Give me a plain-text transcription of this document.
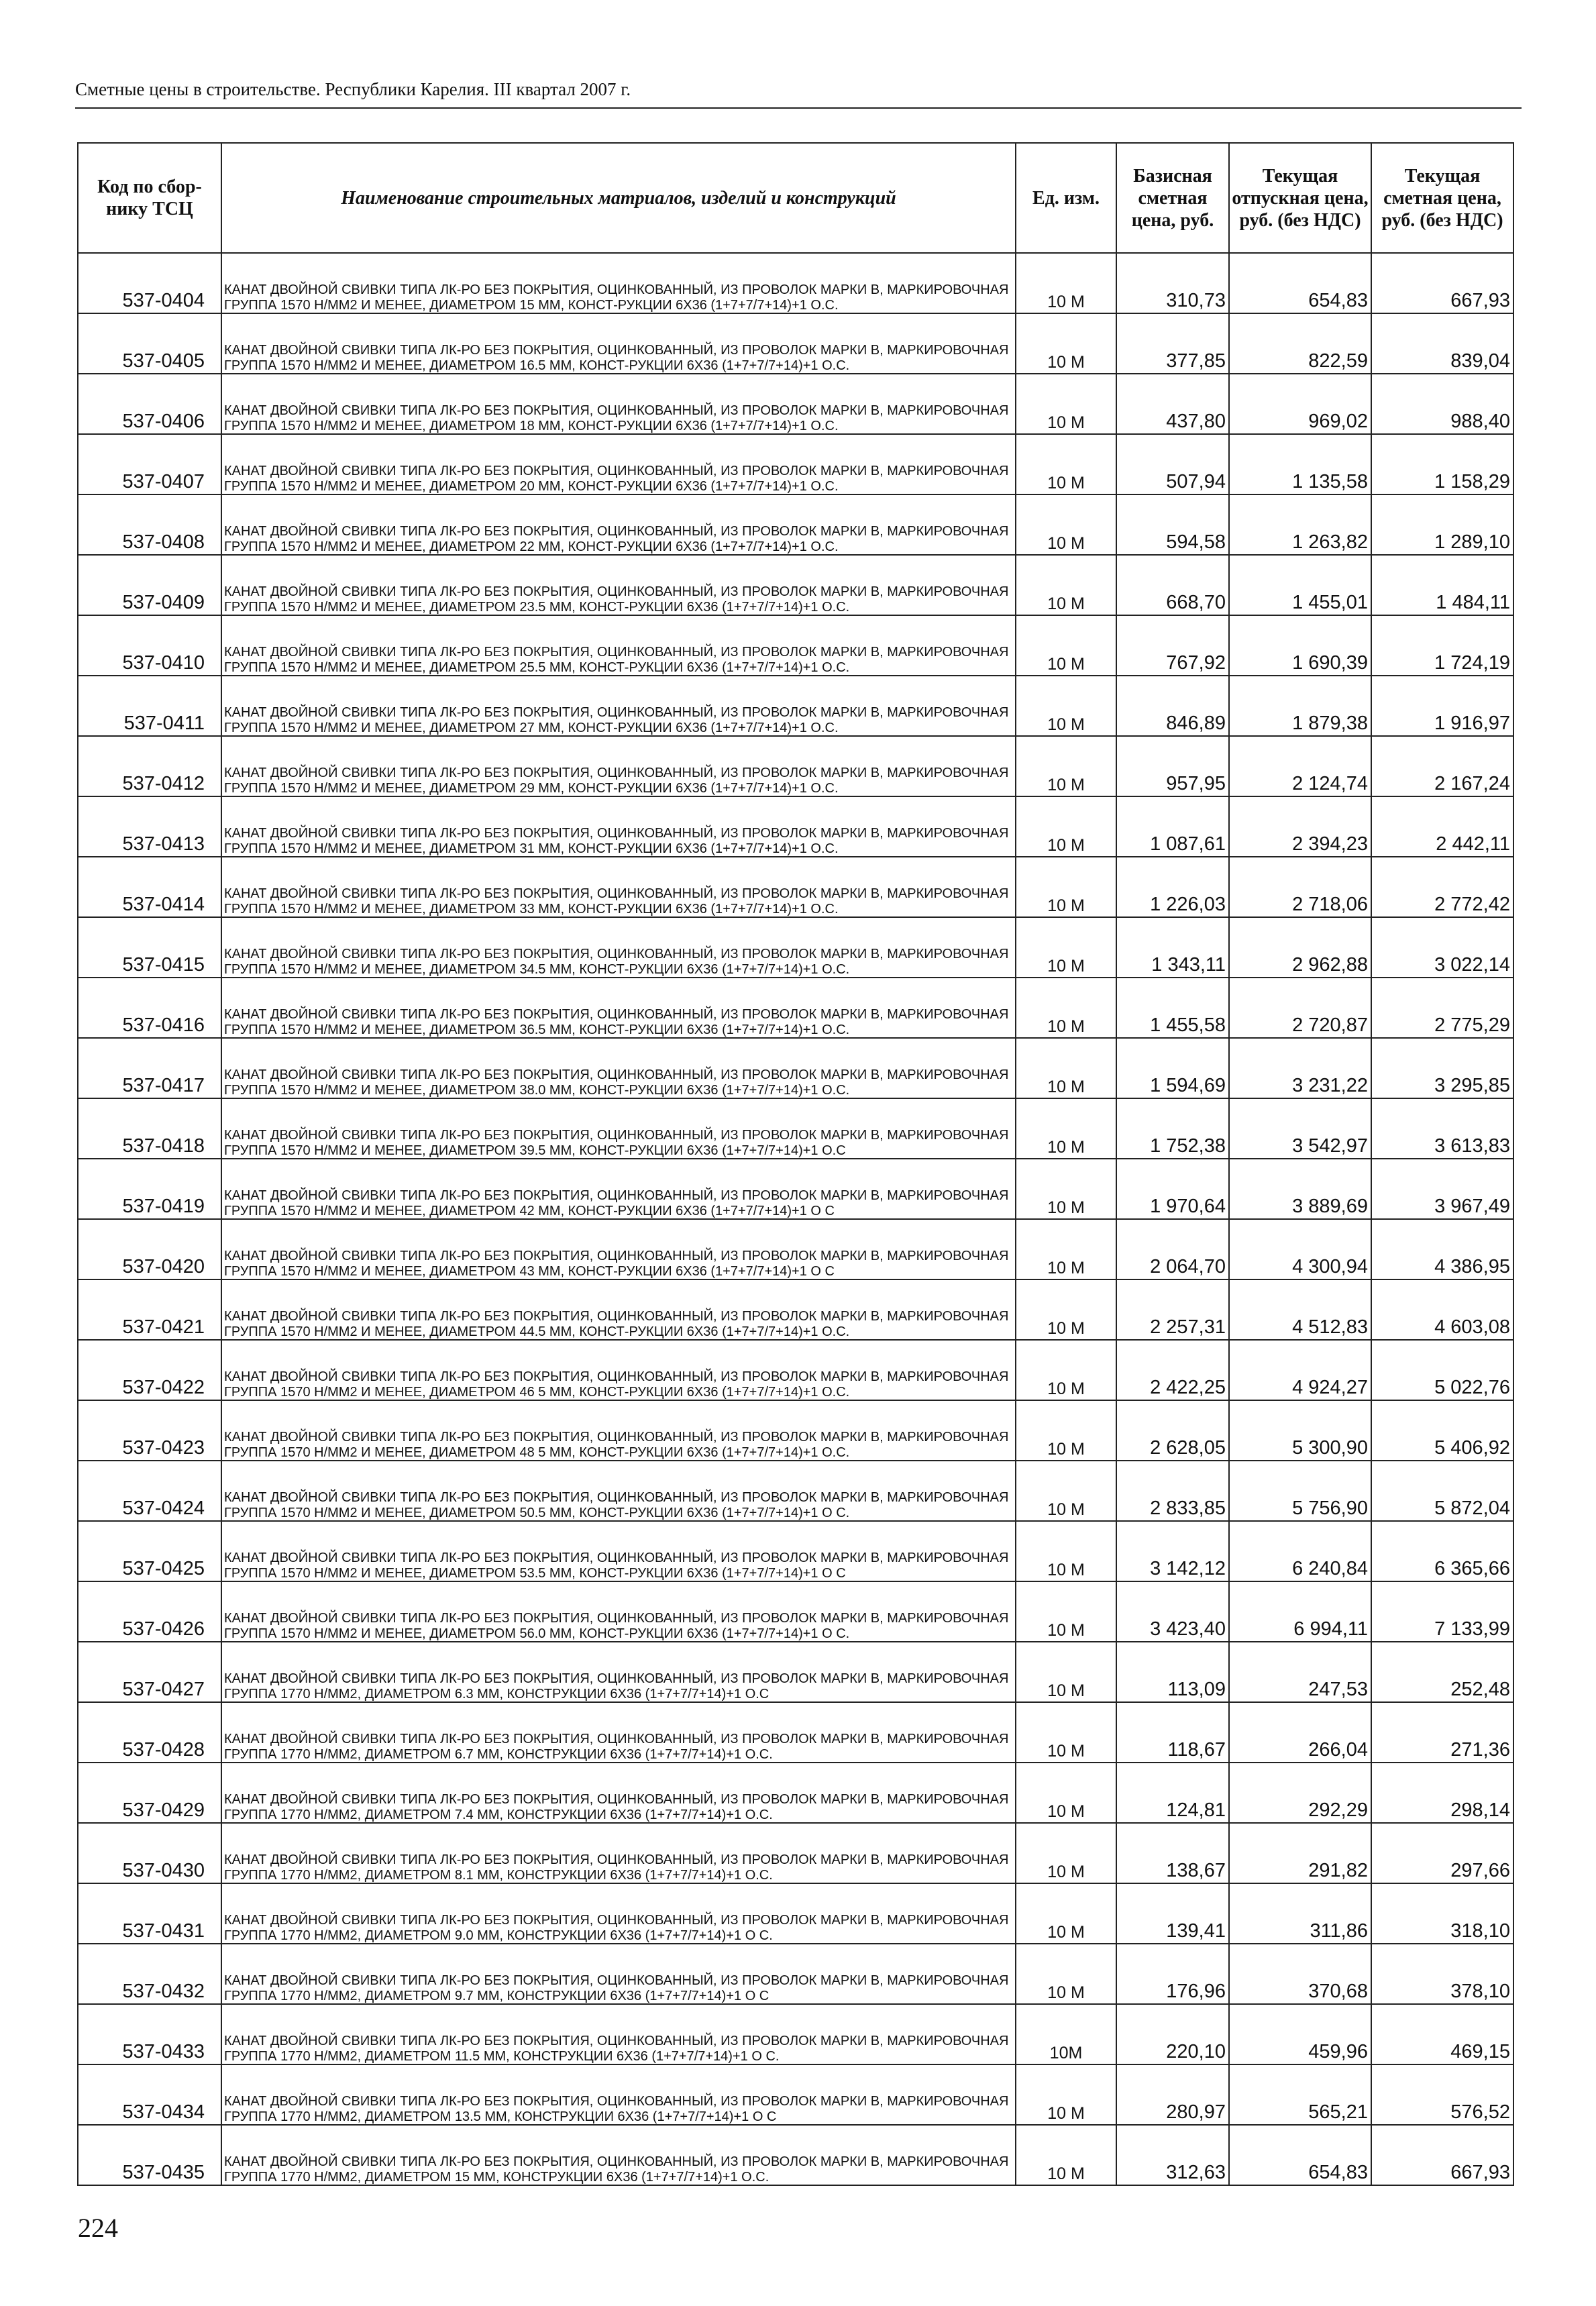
Сметные цены в строительстве. Республики Карелия. III квартал 2007 г.
Код по сбор-нику ТСЦ	Наименование строительных матриалов, изделий и конструкций	Ед. изм.	Базисная сметная цена, руб.	Текущая отпускная цена, руб. (без НДС)	Текущая сметная цена, руб. (без НДС)
537-0404	КАНАТ ДВОЙНОЙ СВИВКИ ТИПА ЛК-РО БЕЗ ПОКРЫТИЯ, ОЦИНКОВАННЫЙ, ИЗ ПРОВОЛОК МАРКИ В, МАРКИРОВОЧНАЯ ГРУППА 1570 Н/ММ2 И МЕНЕЕ, ДИАМЕТРОМ 15 ММ, КОНСТ-РУКЦИИ 6Х36 (1+7+7/7+14)+1 О.С.	10 М	310,73	654,83	667,93
537-0405	КАНАТ ДВОЙНОЙ СВИВКИ ТИПА ЛК-РО БЕЗ ПОКРЫТИЯ, ОЦИНКОВАННЫЙ, ИЗ ПРОВОЛОК МАРКИ В, МАРКИРОВОЧНАЯ ГРУППА 1570 Н/ММ2 И МЕНЕЕ, ДИАМЕТРОМ 16.5 ММ, КОНСТ-РУКЦИИ 6Х36 (1+7+7/7+14)+1 О.С.	10 М	377,85	822,59	839,04
537-0406	КАНАТ ДВОЙНОЙ СВИВКИ ТИПА ЛК-РО БЕЗ ПОКРЫТИЯ, ОЦИНКОВАННЫЙ, ИЗ ПРОВОЛОК МАРКИ В, МАРКИРОВОЧНАЯ ГРУППА 1570 Н/ММ2 И МЕНЕЕ, ДИАМЕТРОМ 18 ММ, КОНСТ-РУКЦИИ 6Х36 (1+7+7/7+14)+1 О.С.	10 М	437,80	969,02	988,40
537-0407	КАНАТ ДВОЙНОЙ СВИВКИ ТИПА ЛК-РО БЕЗ ПОКРЫТИЯ, ОЦИНКОВАННЫЙ, ИЗ ПРОВОЛОК МАРКИ В, МАРКИРОВОЧНАЯ ГРУППА 1570 Н/ММ2 И МЕНЕЕ, ДИАМЕТРОМ 20 ММ, КОНСТ-РУКЦИИ 6Х36 (1+7+7/7+14)+1 О.С.	10 М	507,94	1 135,58	1 158,29
537-0408	КАНАТ ДВОЙНОЙ СВИВКИ ТИПА ЛК-РО БЕЗ ПОКРЫТИЯ, ОЦИНКОВАННЫЙ, ИЗ ПРОВОЛОК МАРКИ В, МАРКИРОВОЧНАЯ ГРУППА 1570 Н/ММ2 И МЕНЕЕ, ДИАМЕТРОМ 22 ММ, КОНСТ-РУКЦИИ 6Х36 (1+7+7/7+14)+1 О.С.	10 М	594,58	1 263,82	1 289,10
537-0409	КАНАТ ДВОЙНОЙ СВИВКИ ТИПА ЛК-РО БЕЗ ПОКРЫТИЯ, ОЦИНКОВАННЫЙ, ИЗ ПРОВОЛОК МАРКИ В, МАРКИРОВОЧНАЯ ГРУППА 1570 Н/ММ2 И МЕНЕЕ, ДИАМЕТРОМ 23.5 ММ, КОНСТ-РУКЦИИ 6Х36 (1+7+7/7+14)+1 О.С.	10 М	668,70	1 455,01	1 484,11
537-0410	КАНАТ ДВОЙНОЙ СВИВКИ ТИПА ЛК-РО БЕЗ ПОКРЫТИЯ, ОЦИНКОВАННЫЙ, ИЗ ПРОВОЛОК МАРКИ В, МАРКИРОВОЧНАЯ ГРУППА 1570 Н/ММ2 И МЕНЕЕ, ДИАМЕТРОМ 25.5 ММ, КОНСТ-РУКЦИИ 6Х36 (1+7+7/7+14)+1 О.С.	10 М	767,92	1 690,39	1 724,19
537-0411	КАНАТ ДВОЙНОЙ СВИВКИ ТИПА ЛК-РО БЕЗ ПОКРЫТИЯ, ОЦИНКОВАННЫЙ, ИЗ ПРОВОЛОК МАРКИ В, МАРКИРОВОЧНАЯ ГРУППА 1570 Н/ММ2 И МЕНЕЕ, ДИАМЕТРОМ 27 ММ, КОНСТ-РУКЦИИ 6Х36 (1+7+7/7+14)+1 О.С.	10 М	846,89	1 879,38	1 916,97
537-0412	КАНАТ ДВОЙНОЙ СВИВКИ ТИПА ЛК-РО БЕЗ ПОКРЫТИЯ, ОЦИНКОВАННЫЙ, ИЗ ПРОВОЛОК МАРКИ В, МАРКИРОВОЧНАЯ ГРУППА 1570 Н/ММ2 И МЕНЕЕ, ДИАМЕТРОМ 29 ММ, КОНСТ-РУКЦИИ 6Х36 (1+7+7/7+14)+1 О.С.	10 М	957,95	2 124,74	2 167,24
537-0413	КАНАТ ДВОЙНОЙ СВИВКИ ТИПА ЛК-РО БЕЗ ПОКРЫТИЯ, ОЦИНКОВАННЫЙ, ИЗ ПРОВОЛОК МАРКИ В, МАРКИРОВОЧНАЯ ГРУППА 1570 Н/ММ2 И МЕНЕЕ, ДИАМЕТРОМ 31 ММ, КОНСТ-РУКЦИИ 6Х36 (1+7+7/7+14)+1 О.С.	10 М	1 087,61	2 394,23	2 442,11
537-0414	КАНАТ ДВОЙНОЙ СВИВКИ ТИПА ЛК-РО БЕЗ ПОКРЫТИЯ, ОЦИНКОВАННЫЙ, ИЗ ПРОВОЛОК МАРКИ В, МАРКИРОВОЧНАЯ ГРУППА 1570 Н/ММ2 И МЕНЕЕ, ДИАМЕТРОМ 33 ММ, КОНСТ-РУКЦИИ 6Х36 (1+7+7/7+14)+1 О.С.	10 М	1 226,03	2 718,06	2 772,42
537-0415	КАНАТ ДВОЙНОЙ СВИВКИ ТИПА ЛК-РО БЕЗ ПОКРЫТИЯ, ОЦИНКОВАННЫЙ, ИЗ ПРОВОЛОК МАРКИ В, МАРКИРОВОЧНАЯ ГРУППА 1570 Н/ММ2 И МЕНЕЕ, ДИАМЕТРОМ 34.5 ММ, КОНСТ-РУКЦИИ 6Х36 (1+7+7/7+14)+1 О.С.	10 М	1 343,11	2 962,88	3 022,14
537-0416	КАНАТ ДВОЙНОЙ СВИВКИ ТИПА ЛК-РО БЕЗ ПОКРЫТИЯ, ОЦИНКОВАННЫЙ, ИЗ ПРОВОЛОК МАРКИ В, МАРКИРОВОЧНАЯ ГРУППА 1570 Н/ММ2 И МЕНЕЕ, ДИАМЕТРОМ 36.5 ММ, КОНСТ-РУКЦИИ 6Х36 (1+7+7/7+14)+1 О.С.	10 М	1 455,58	2 720,87	2 775,29
537-0417	КАНАТ ДВОЙНОЙ СВИВКИ ТИПА ЛК-РО БЕЗ ПОКРЫТИЯ, ОЦИНКОВАННЫЙ, ИЗ ПРОВОЛОК МАРКИ В, МАРКИРОВОЧНАЯ ГРУППА 1570 Н/ММ2 И МЕНЕЕ, ДИАМЕТРОМ 38.0 ММ, КОНСТ-РУКЦИИ 6Х36 (1+7+7/7+14)+1 О.С.	10 М	1 594,69	3 231,22	3 295,85
537-0418	КАНАТ ДВОЙНОЙ СВИВКИ ТИПА ЛК-РО БЕЗ ПОКРЫТИЯ, ОЦИНКОВАННЫЙ, ИЗ ПРОВОЛОК МАРКИ В, МАРКИРОВОЧНАЯ ГРУППА 1570 Н/ММ2 И МЕНЕЕ, ДИАМЕТРОМ 39.5 ММ, КОНСТ-РУКЦИИ 6Х36 (1+7+7/7+14)+1 О.С	10 М	1 752,38	3 542,97	3 613,83
537-0419	КАНАТ ДВОЙНОЙ СВИВКИ ТИПА ЛК-РО БЕЗ ПОКРЫТИЯ, ОЦИНКОВАННЫЙ, ИЗ ПРОВОЛОК МАРКИ В, МАРКИРОВОЧНАЯ ГРУППА 1570 Н/ММ2 И МЕНЕЕ, ДИАМЕТРОМ 42 ММ, КОНСТ-РУКЦИИ 6Х36 (1+7+7/7+14)+1 О С	10 М	1 970,64	3 889,69	3 967,49
537-0420	КАНАТ ДВОЙНОЙ СВИВКИ ТИПА ЛК-РО БЕЗ ПОКРЫТИЯ, ОЦИНКОВАННЫЙ, ИЗ ПРОВОЛОК МАРКИ В, МАРКИРОВОЧНАЯ ГРУППА 1570 Н/ММ2 И МЕНЕЕ, ДИАМЕТРОМ 43 ММ, КОНСТ-РУКЦИИ 6Х36 (1+7+7/7+14)+1 О С	10 М	2 064,70	4 300,94	4 386,95
537-0421	КАНАТ ДВОЙНОЙ СВИВКИ ТИПА ЛК-РО БЕЗ ПОКРЫТИЯ, ОЦИНКОВАННЫЙ, ИЗ ПРОВОЛОК МАРКИ В, МАРКИРОВОЧНАЯ ГРУППА 1570 Н/ММ2 И МЕНЕЕ, ДИАМЕТРОМ 44.5 ММ, КОНСТ-РУКЦИИ 6Х36 (1+7+7/7+14)+1 О.С.	10 М	2 257,31	4 512,83	4 603,08
537-0422	КАНАТ ДВОЙНОЙ СВИВКИ ТИПА ЛК-РО БЕЗ ПОКРЫТИЯ, ОЦИНКОВАННЫЙ, ИЗ ПРОВОЛОК МАРКИ В, МАРКИРОВОЧНАЯ ГРУППА 1570 Н/ММ2 И МЕНЕЕ, ДИАМЕТРОМ 46 5 ММ, КОНСТ-РУКЦИИ 6Х36 (1+7+7/7+14)+1 О.С.	10 М	2 422,25	4 924,27	5 022,76
537-0423	КАНАТ ДВОЙНОЙ СВИВКИ ТИПА ЛК-РО БЕЗ ПОКРЫТИЯ, ОЦИНКОВАННЫЙ, ИЗ ПРОВОЛОК МАРКИ В, МАРКИРОВОЧНАЯ ГРУППА 1570 Н/ММ2 И МЕНЕЕ, ДИАМЕТРОМ 48 5 ММ, КОНСТ-РУКЦИИ 6Х36 (1+7+7/7+14)+1 О.С.	10 М	2 628,05	5 300,90	5 406,92
537-0424	КАНАТ ДВОЙНОЙ СВИВКИ ТИПА ЛК-РО БЕЗ ПОКРЫТИЯ, ОЦИНКОВАННЫЙ, ИЗ ПРОВОЛОК МАРКИ В, МАРКИРОВОЧНАЯ ГРУППА 1570 Н/ММ2 И МЕНЕЕ, ДИАМЕТРОМ 50.5 ММ, КОНСТ-РУКЦИИ 6Х36 (1+7+7/7+14)+1 О С.	10 М	2 833,85	5 756,90	5 872,04
537-0425	КАНАТ ДВОЙНОЙ СВИВКИ ТИПА ЛК-РО БЕЗ ПОКРЫТИЯ, ОЦИНКОВАННЫЙ, ИЗ ПРОВОЛОК МАРКИ В, МАРКИРОВОЧНАЯ ГРУППА 1570 Н/ММ2 И МЕНЕЕ, ДИАМЕТРОМ 53.5 ММ, КОНСТ-РУКЦИИ 6Х36 (1+7+7/7+14)+1 О С	10 М	3 142,12	6 240,84	6 365,66
537-0426	КАНАТ ДВОЙНОЙ СВИВКИ ТИПА ЛК-РО БЕЗ ПОКРЫТИЯ, ОЦИНКОВАННЫЙ, ИЗ ПРОВОЛОК МАРКИ В, МАРКИРОВОЧНАЯ ГРУППА 1570 Н/ММ2 И МЕНЕЕ, ДИАМЕТРОМ 56.0 ММ, КОНСТ-РУКЦИИ 6Х36 (1+7+7/7+14)+1 О С.	10 М	3 423,40	6 994,11	7 133,99
537-0427	КАНАТ ДВОЙНОЙ СВИВКИ ТИПА ЛК-РО БЕЗ ПОКРЫТИЯ, ОЦИНКОВАННЫЙ, ИЗ ПРОВОЛОК МАРКИ В, МАРКИРОВОЧНАЯ ГРУППА 1770 Н/ММ2, ДИАМЕТРОМ 6.3 ММ, КОНСТРУКЦИИ 6Х36 (1+7+7/7+14)+1 О.С	10 М	113,09	247,53	252,48
537-0428	КАНАТ ДВОЙНОЙ СВИВКИ ТИПА ЛК-РО БЕЗ ПОКРЫТИЯ, ОЦИНКОВАННЫЙ, ИЗ ПРОВОЛОК МАРКИ В, МАРКИРОВОЧНАЯ ГРУППА 1770 Н/ММ2, ДИАМЕТРОМ 6.7 ММ, КОНСТРУКЦИИ 6Х36 (1+7+7/7+14)+1 О.С.	10 М	118,67	266,04	271,36
537-0429	КАНАТ ДВОЙНОЙ СВИВКИ ТИПА ЛК-РО БЕЗ ПОКРЫТИЯ, ОЦИНКОВАННЫЙ, ИЗ ПРОВОЛОК МАРКИ В, МАРКИРОВОЧНАЯ ГРУППА 1770 Н/ММ2, ДИАМЕТРОМ 7.4 ММ, КОНСТРУКЦИИ 6Х36 (1+7+7/7+14)+1 О.С.	10 М	124,81	292,29	298,14
537-0430	КАНАТ ДВОЙНОЙ СВИВКИ ТИПА ЛК-РО БЕЗ ПОКРЫТИЯ, ОЦИНКОВАННЫЙ, ИЗ ПРОВОЛОК МАРКИ В, МАРКИРОВОЧНАЯ ГРУППА 1770 Н/ММ2, ДИАМЕТРОМ 8.1 ММ, КОНСТРУКЦИИ 6Х36 (1+7+7/7+14)+1 О.С.	10 М	138,67	291,82	297,66
537-0431	КАНАТ ДВОЙНОЙ СВИВКИ ТИПА ЛК-РО БЕЗ ПОКРЫТИЯ, ОЦИНКОВАННЫЙ, ИЗ ПРОВОЛОК МАРКИ В, МАРКИРОВОЧНАЯ ГРУППА 1770 Н/ММ2, ДИАМЕТРОМ 9.0 ММ, КОНСТРУКЦИИ 6Х36 (1+7+7/7+14)+1 О С.	10 М	139,41	311,86	318,10
537-0432	КАНАТ ДВОЙНОЙ СВИВКИ ТИПА ЛК-РО БЕЗ ПОКРЫТИЯ, ОЦИНКОВАННЫЙ, ИЗ ПРОВОЛОК МАРКИ В, МАРКИРОВОЧНАЯ ГРУППА 1770 Н/ММ2, ДИАМЕТРОМ 9.7 ММ, КОНСТРУКЦИИ 6Х36 (1+7+7/7+14)+1 О С	10 М	176,96	370,68	378,10
537-0433	КАНАТ ДВОЙНОЙ СВИВКИ ТИПА ЛК-РО БЕЗ ПОКРЫТИЯ, ОЦИНКОВАННЫЙ, ИЗ ПРОВОЛОК МАРКИ В, МАРКИРОВОЧНАЯ ГРУППА 1770 Н/ММ2, ДИАМЕТРОМ 11.5 ММ, КОНСТРУКЦИИ 6Х36 (1+7+7/7+14)+1 О С.	10М	220,10	459,96	469,15
537-0434	КАНАТ ДВОЙНОЙ СВИВКИ ТИПА ЛК-РО БЕЗ ПОКРЫТИЯ, ОЦИНКОВАННЫЙ, ИЗ ПРОВОЛОК МАРКИ В, МАРКИРОВОЧНАЯ ГРУППА 1770 Н/ММ2, ДИАМЕТРОМ 13.5 ММ, КОНСТРУКЦИИ 6Х36 (1+7+7/7+14)+1 О С	10 М	280,97	565,21	576,52
537-0435	КАНАТ ДВОЙНОЙ СВИВКИ ТИПА ЛК-РО БЕЗ ПОКРЫТИЯ, ОЦИНКОВАННЫЙ, ИЗ ПРОВОЛОК МАРКИ В, МАРКИРОВОЧНАЯ ГРУППА 1770 Н/ММ2, ДИАМЕТРОМ 15 ММ, КОНСТРУКЦИИ 6Х36 (1+7+7/7+14)+1 О.С.	10 М	312,63	654,83	667,93
224
